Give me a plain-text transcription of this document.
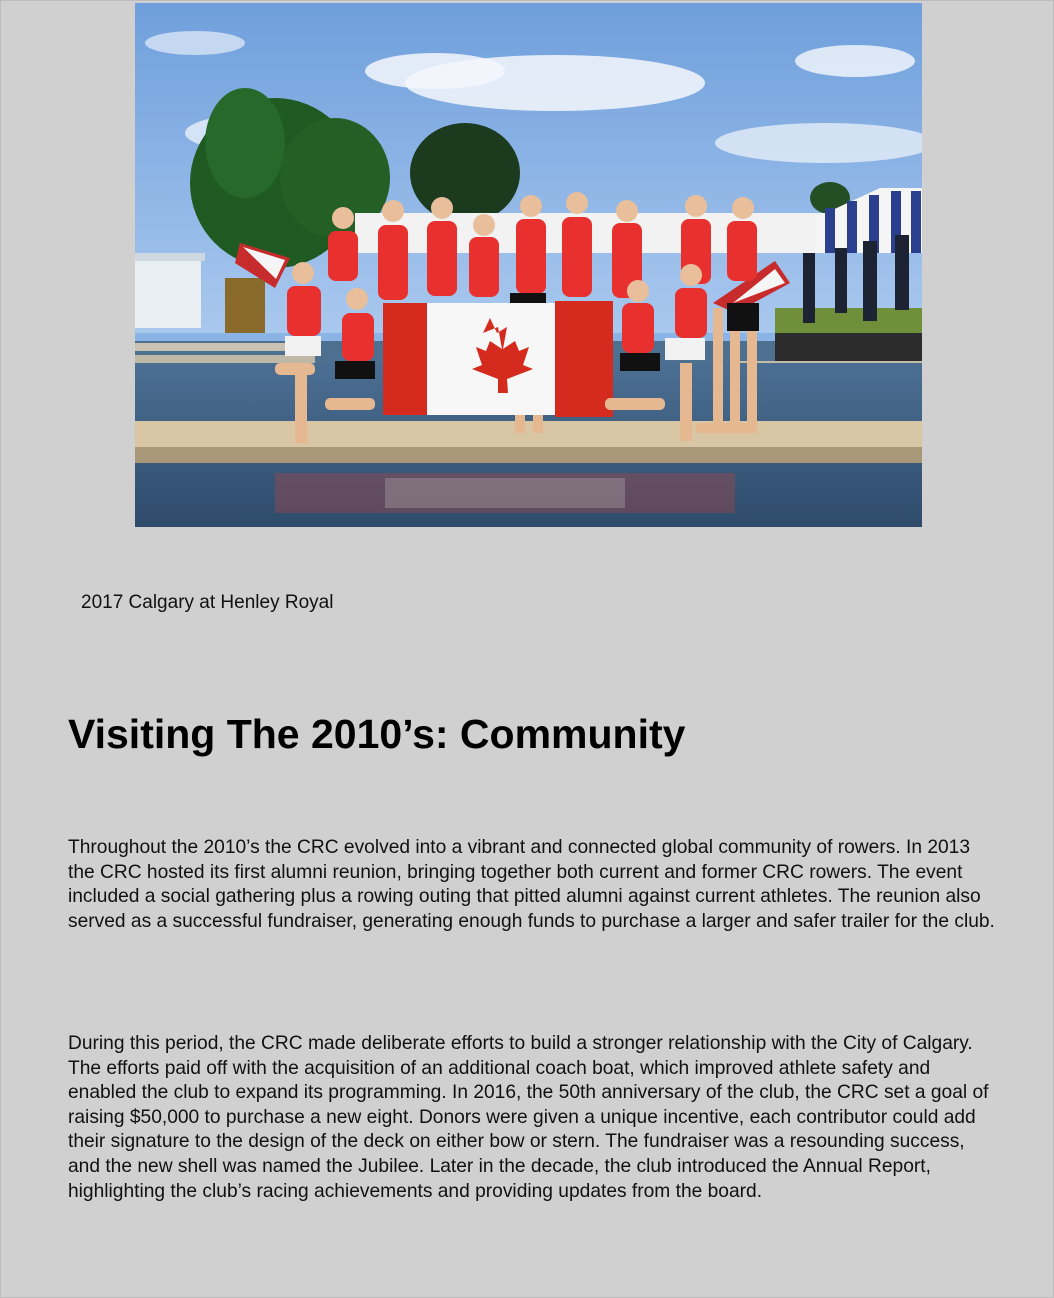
2017 Calgary at Henley Royal
Visiting The 2010’s: Community

Throughout the 2010’s the CRC evolved into a vibrant and connected global community of rowers. In 2013 the CRC hosted its first alumni reunion, bringing together both current and former CRC rowers. The event included a social gathering plus a rowing outing that pitted alumni against current athletes. The reunion also served as a successful fundraiser, generating enough funds to purchase a larger and safer trailer for the club.

During this period, the CRC made deliberate efforts to build a stronger relationship with the City of Calgary. The efforts paid off with the acquisition of an additional coach boat, which improved athlete safety and enabled the club to expand its programming. In 2016, the 50th anniversary of the club, the CRC set a goal of raising $50,000 to purchase a new eight. Donors were given a unique incentive, each contributor could add their signature to the design of the deck on either bow or stern. The fundraiser was a resounding success, and the new shell was named the Jubilee. Later in the decade, the club introduced the Annual Report, highlighting the club’s racing achievements and providing updates from the board.
